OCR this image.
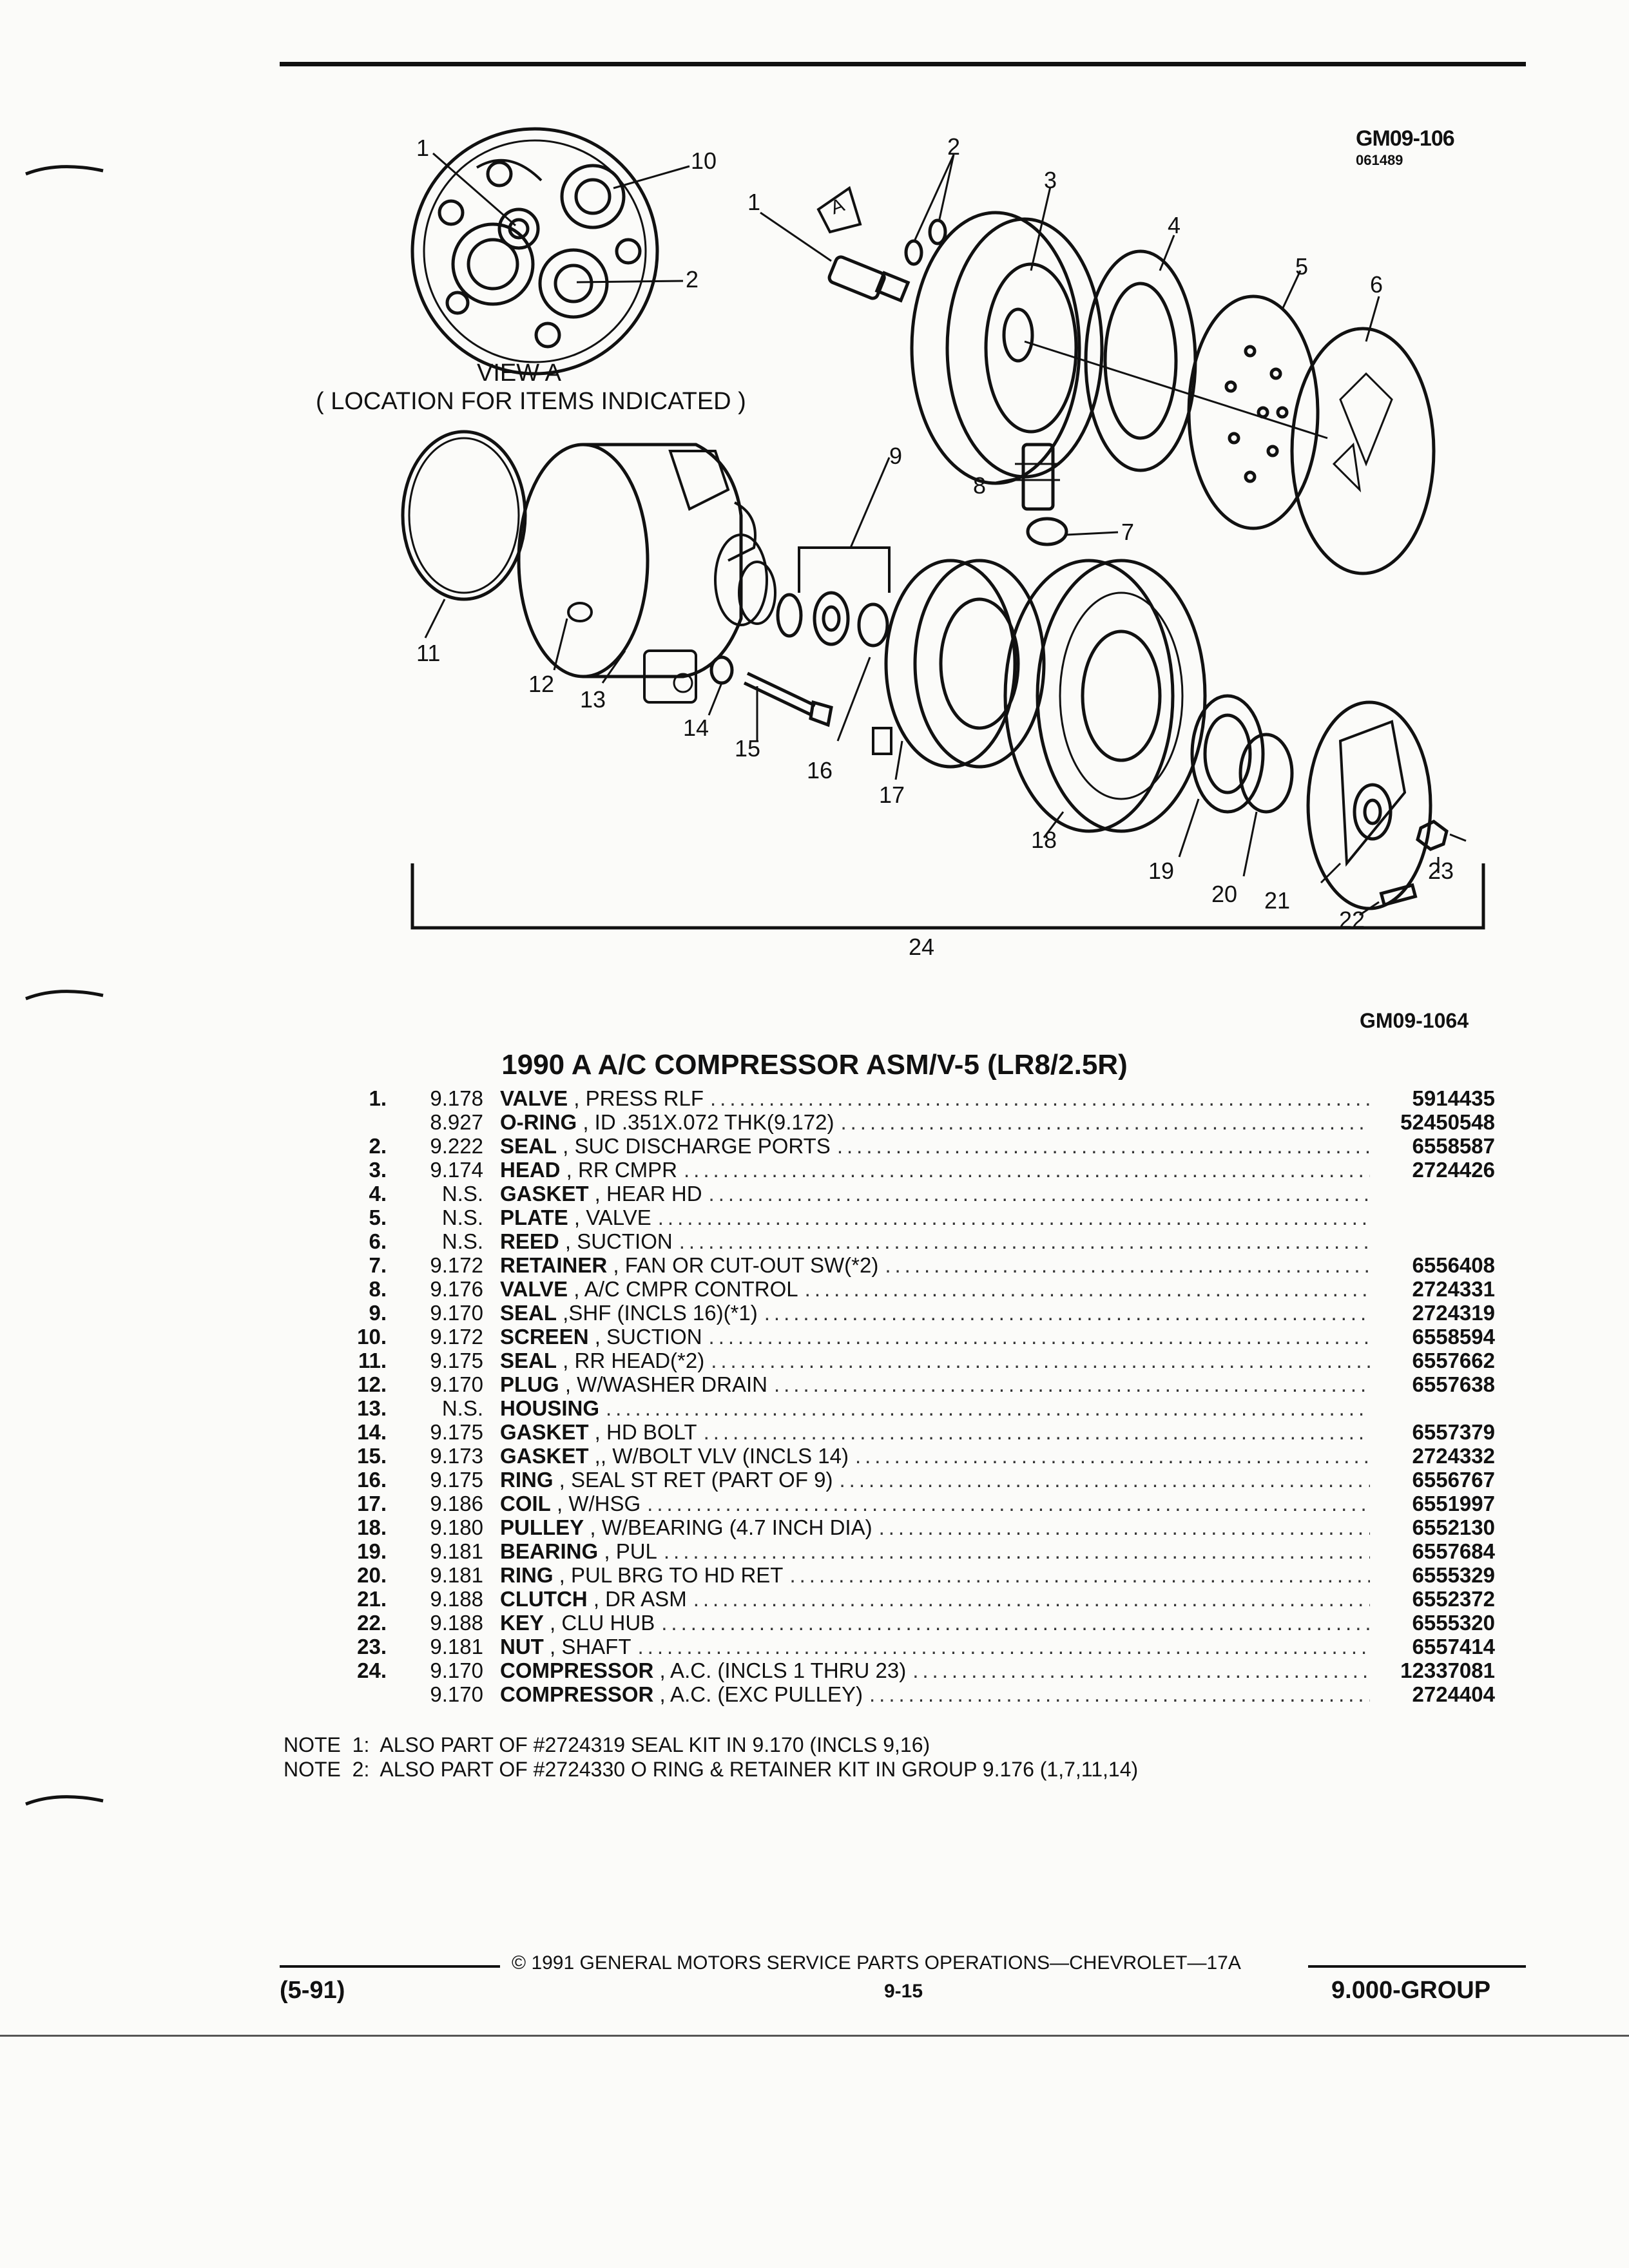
GM09-106
061489
VIEW A
( LOCATION FOR ITEMS INDICATED )
A
1	10
2
1
2
3
4
5
6
7
8
9
11
12
13
14
15
16
17
18
19
20 21
22
23
24
GM09-1064
1990 A A/C COMPRESSOR ASM/V-5 (LR8/2.5R)
1.	9.178 VALVE , PRESS RLF .....	5914435
8.927 O-RING , ID .351X.072 THK(9.172) .....	52450548
2.	9.222 SEAL , SUC DISCHARGE PORTS .....	6558587
3.	9.174 HEAD , RR CMPR .....	2724426
4.	N.S. GASKET , HEAR HD
.....
5.	N.S. PLATE , VALVE
.....
6.	N.S. REED , SUCTION
.....
7.	9.172 RETAINER , FAN OR CUT-OUT SW(*2) .....	6556408
8.	9.176 VALVE , A/C CMPR CONTROL .....	2724331
9.	9.170 SEAL ,SHF (INCLS 16)(*1) .....	2724319
10.	9.172 SCREEN , SUCTION .....	6558594
11.	9.175 SEAL , RR HEAD(*2) .....	6557662
12.	9.170 PLUG , W/WASHER DRAIN .....	6557638
13.	N.S. HOUSING
.....
14.	9.175 GASKET , HD BOLT .....	6557379
15.	9.173 GASKET ,, W/BOLT VLV (INCLS 14) .....	2724332
16.	9.175 RING , SEAL ST RET (PART OF 9) .....	6556767
17.	9.186 COIL , W/HSG .....	6551997
18.	9.180 PULLEY , W/BEARING (4.7 INCH DIA) .....	6552130
19.	9.181 BEARING , PUL .....	6557684
20.	9.181 RING , PUL BRG TO HD RET .....	6555329
21.	9.188 CLUTCH , DR ASM .....	6552372
22.	9.188 KEY , CLU HUB .....	6555320
23.	9.181 NUT , SHAFT .....	6557414
24.	9.170 COMPRESSOR , A.C. (INCLS 1 THRU 23) .....	12337081
9.170 COMPRESSOR , A.C. (EXC PULLEY) .....	2724404
NOTE  1:  ALSO PART OF #2724319 SEAL KIT IN 9.170 (INCLS 9,16)
NOTE  2:  ALSO PART OF #2724330 O RING & RETAINER KIT IN GROUP 9.176 (1,7,11,14)
© 1991 GENERAL MOTORS SERVICE PARTS OPERATIONS—CHEVROLET—17A
(5-91)	9-15	9.000-GROUP
